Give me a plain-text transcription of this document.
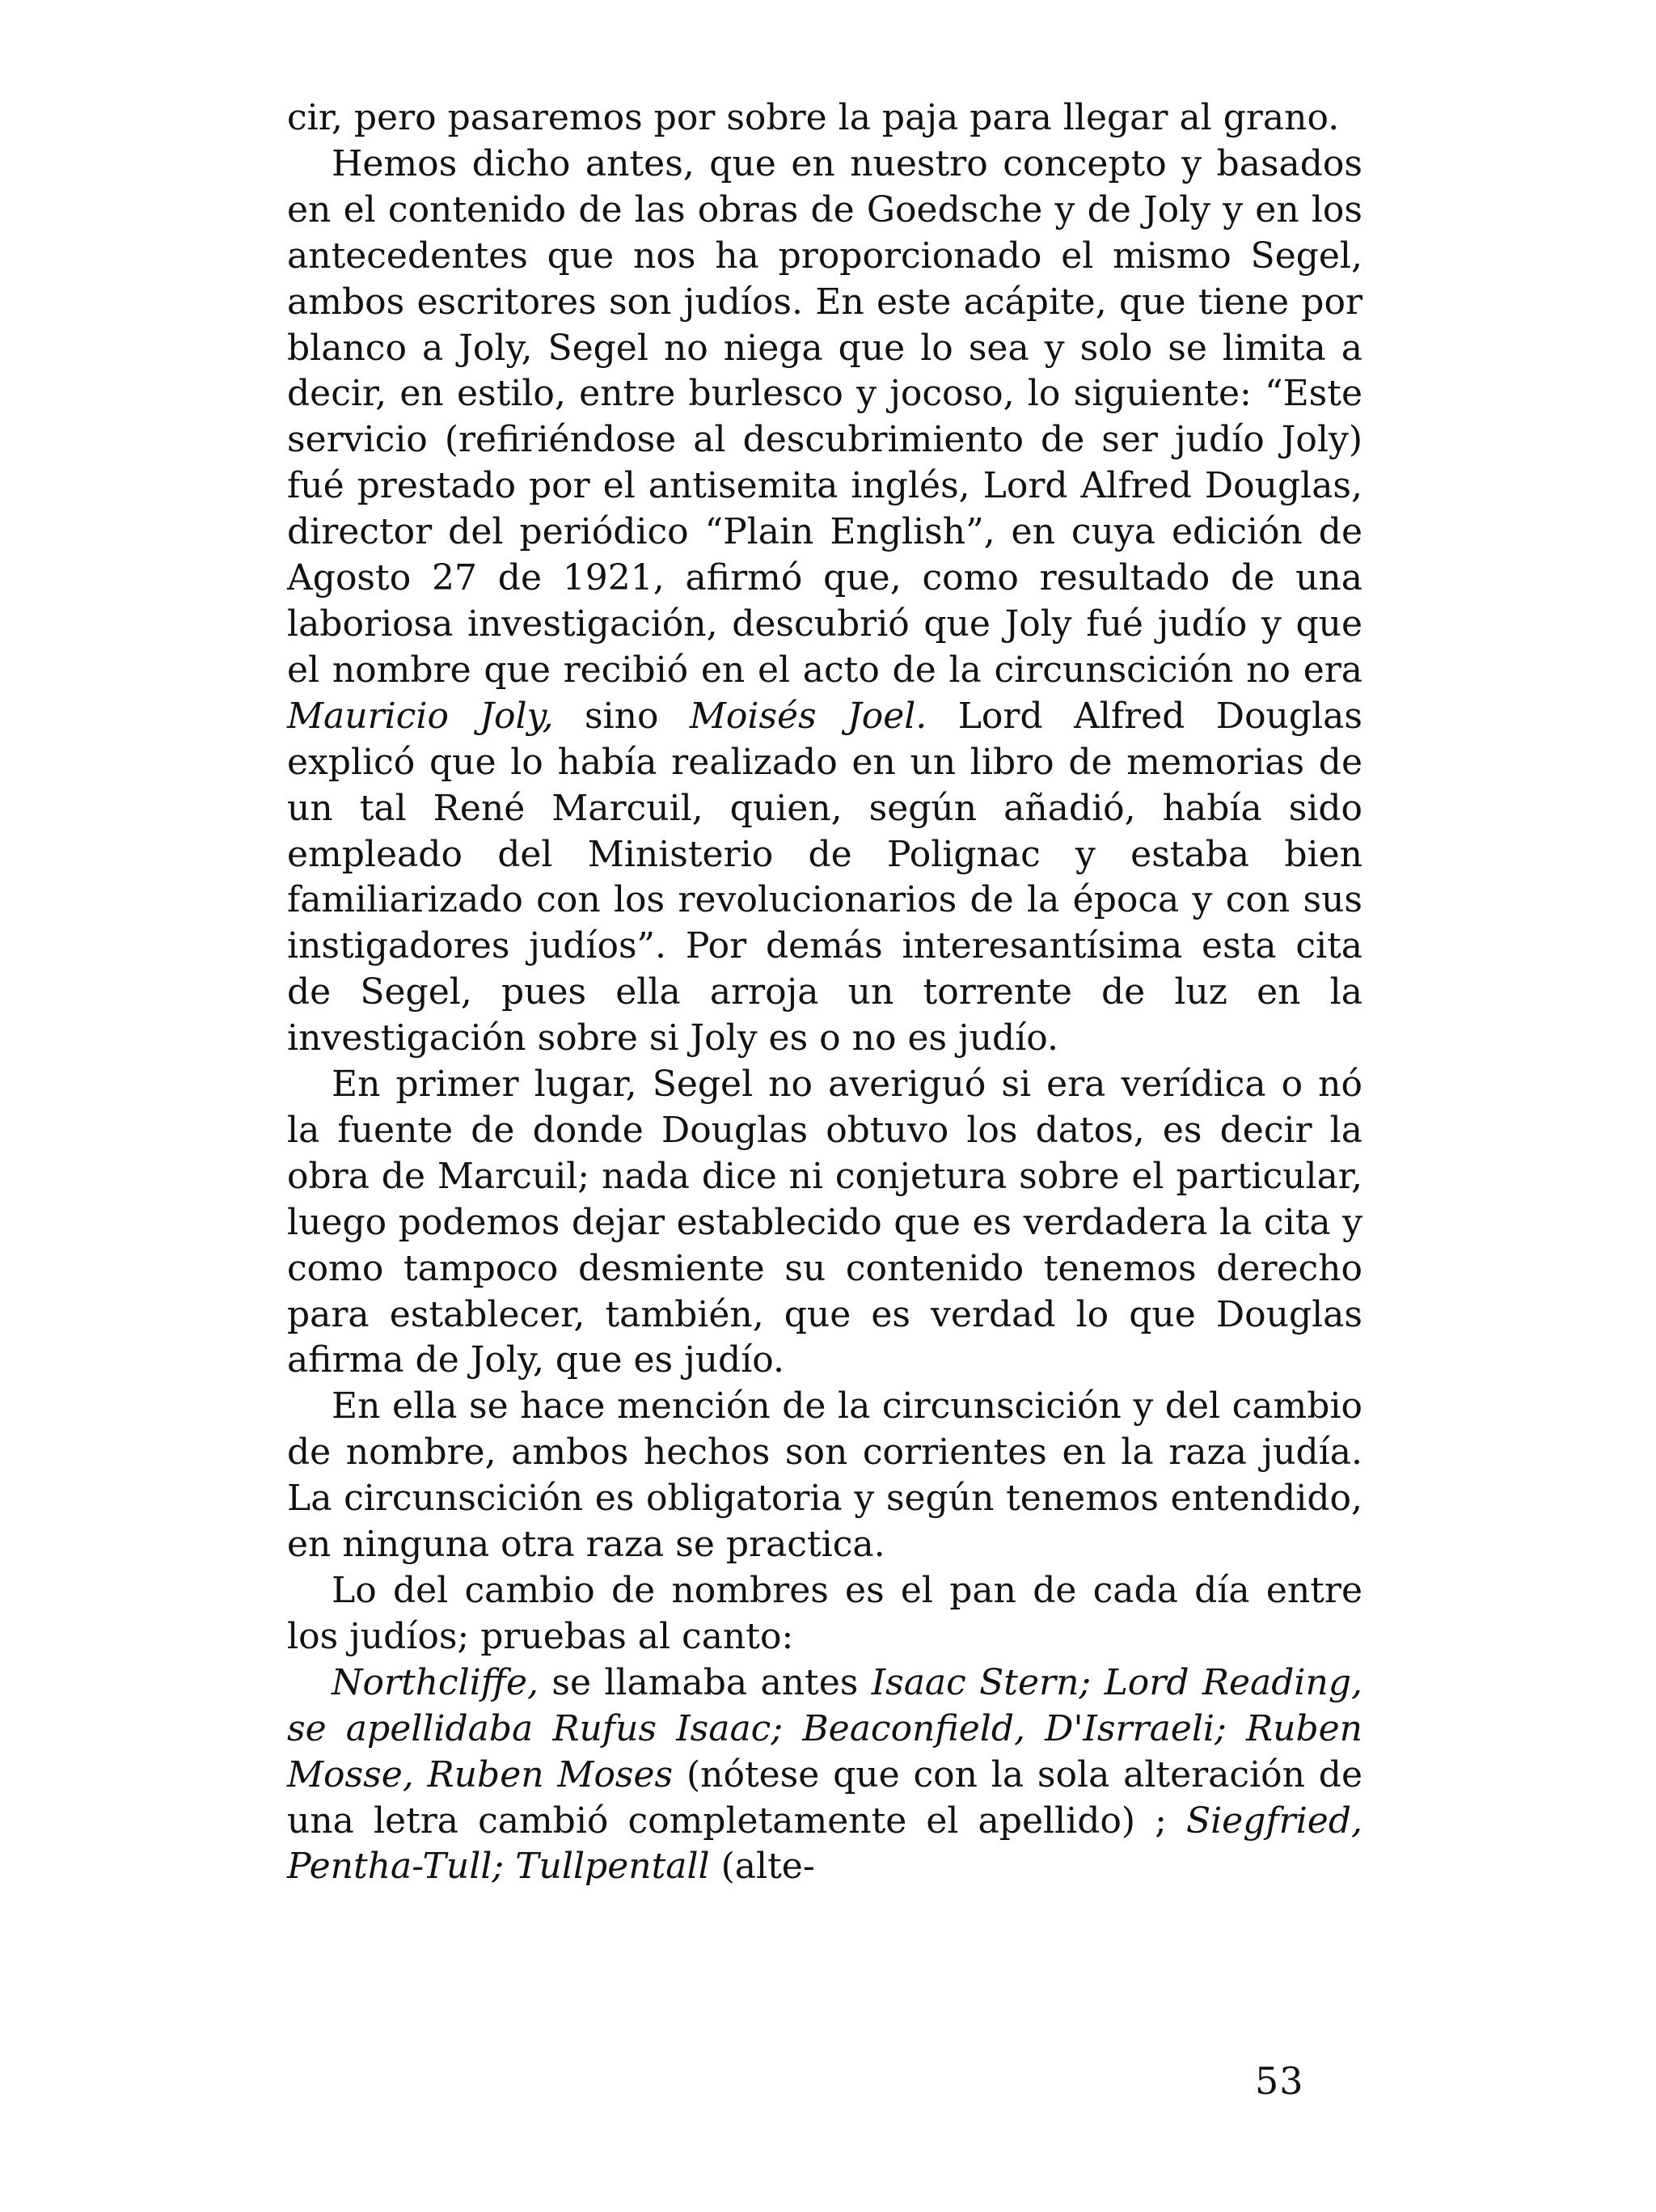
cir, pero pasaremos por sobre la paja para llegar al grano.

Hemos dicho antes, que en nuestro concepto y basados en el contenido de las obras de Goedsche y de Joly y en los antecedentes que nos ha proporcionado el mismo Segel, ambos escritores son judíos. En este acápite, que tiene por blanco a Joly, Segel no niega que lo sea y solo se limita a decir, en estilo, entre burlesco y jocoso, lo siguiente: “Este servicio (refiriéndose al descubrimiento de ser judío Joly) fué prestado por el antisemita inglés, Lord Alfred Douglas, director del periódico “Plain English”, en cuya edición de Agosto 27 de 1921, afirmó que, como resultado de una laboriosa investigación, descubrió que Joly fué judío y que el nombre que recibió en el acto de la circunscición no era Mauricio Joly, sino Moisés Joel. Lord Alfred Douglas explicó que lo había realizado en un libro de memorias de un tal René Marcuil, quien, según añadió, había sido empleado del Ministerio de Polignac y estaba bien familiarizado con los revolucionarios de la época y con sus instigadores judíos”. Por demás interesantísima esta cita de Segel, pues ella arroja un torrente de luz en la investigación sobre si Joly es o no es judío.

En primer lugar, Segel no averiguó si era verídica o nó la fuente de donde Douglas obtuvo los datos, es decir la obra de Marcuil; nada dice ni conjetura sobre el particular, luego podemos dejar establecido que es verdadera la cita y como tampoco desmiente su contenido tenemos derecho para establecer, también, que es verdad lo que Douglas afirma de Joly, que es judío.

En ella se hace mención de la circunscición y del cambio de nombre, ambos hechos son corrientes en la raza judía. La circunscición es obligatoria y según tenemos entendido, en ninguna otra raza se practica.

Lo del cambio de nombres es el pan de cada día entre los judíos; pruebas al canto:

Northcliffe, se llamaba antes Isaac Stern; Lord Reading, se apellidaba Rufus Isaac; Beaconfield, D'Isrraeli; Ruben Mosse, Ruben Moses (nótese que con la sola alteración de una letra cambió completamente el apellido) ; Siegfried, Pentha-Tull; Tullpentall (alte-

53
